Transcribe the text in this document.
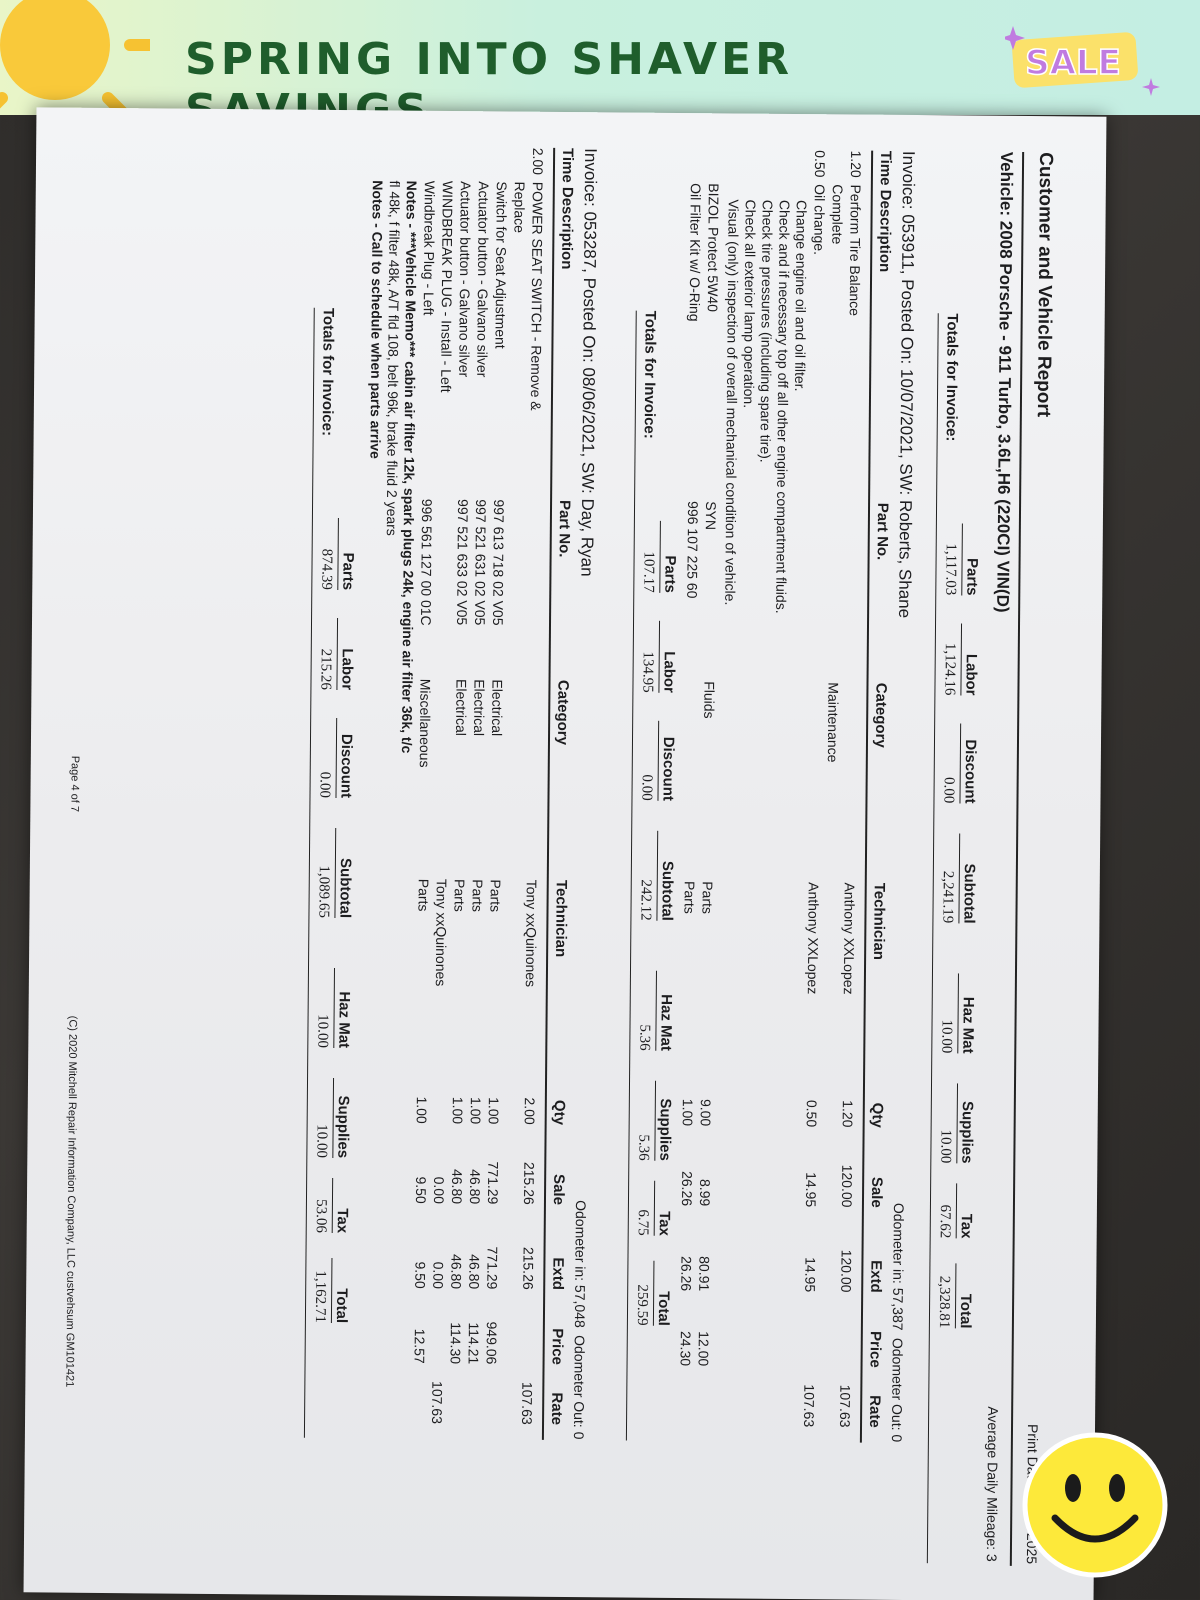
SPRING INTO SHAVER	SALE
Customer and Vehicle Report
Vehicle: 2008 Porsche - 911 Turbo, 3.6L,H6 (220CI) VIN(D)
Average Daily Mileage: 3
Parts
Labor
Discount
Subtotal
Haz Mat
Supplies
Tax
Total
Totals for Invoice:
1,117.03
1,124.16
0.00
2,241.19
10.00
10.00
67.62
2,328.81
Invoice: 053911, Posted On: 10/07/2021, SW: Roberts, Shane
Odometer in: 57,387
Odometer Out: 0
Time Description
Part No.
Category
Technician
Qty
Sale
Extd
Price
Rate
1.20
Perform Tire Balance
Anthony XXLopez
1.20
120.00
120.00
107.63
Complete
Maintenance
0.50
Oil change.
Anthony XXLopez
0.50
14.95
14.95
107.63
Change engine oil and oil filter.
Check and if necessary top off all other engine compartment fluids.
Check tire pressures (including spare tire).
Check all exterior lamp operation.
Visual (only) inspection of overall mechanical condition of vehicle.
BIZOL Protect 5W40
SYN
Fluids
Parts
9.00
8.99
80.91
12.00
Oil Filter Kit w/ O-Ring
996 107 225 60
Parts
1.00
26.26
26.26
24.30
Parts
Labor
Discount
Subtotal
Haz Mat
Supplies
Tax
Total
Totals for Invoice:
107.17
134.95
0.00
242.12
5.36
5.36
6.75
259.59
Invoice: 053287, Posted On: 08/06/2021, SW: Day, Ryan
Odometer in: 57,048
Odometer Out: 0
Time Description
Part No.
Category
Technician
Qty
Sale
Extd
Price
Rate
2.00
POWER SEAT SWITCH - Remove &
Tony xxQuinones
2.00
215.26
215.26
107.63
Replace
Switch for Seat Adjustment
997 613 718 02 V05
Electrical
Parts
1.00
771.29
771.29
949.06
Actuator button - Galvano silver
997 521 631 02 V05
Electrical
Parts
1.00
46.80
46.80
114.21
Actuator button - Galvano silver
997 521 633 02 V05
Electrical
Parts
1.00
46.80
46.80
114.30
WINDBREAK PLUG - Install - Left
Tony xxQuinones
0.00
0.00
107.63
Windbreak Plug - Left
996 561 127 00 01C
Miscellaneous
Parts
1.00
9.50
9.50
12.57
Notes - ***Vehicle Memo*** cabin air filter 12k, spark plugs 24k, engine air filter 36k, t/c
fl 48k, f filter 48k, A/T fld 108, belt 96k, brake fluid 2 years
Notes - Call to schedule when parts arrive
Parts
Labor
Discount
Subtotal
Haz Mat
Supplies
Tax
Total
Totals for Invoice:
874.39
215.26
0.00
1,089.65
10.00
10.00
53.06
1,162.71
Page 4 of 7
(C) 2020 Mitchell Repair Information Company, LLC custvehsum GM101421
